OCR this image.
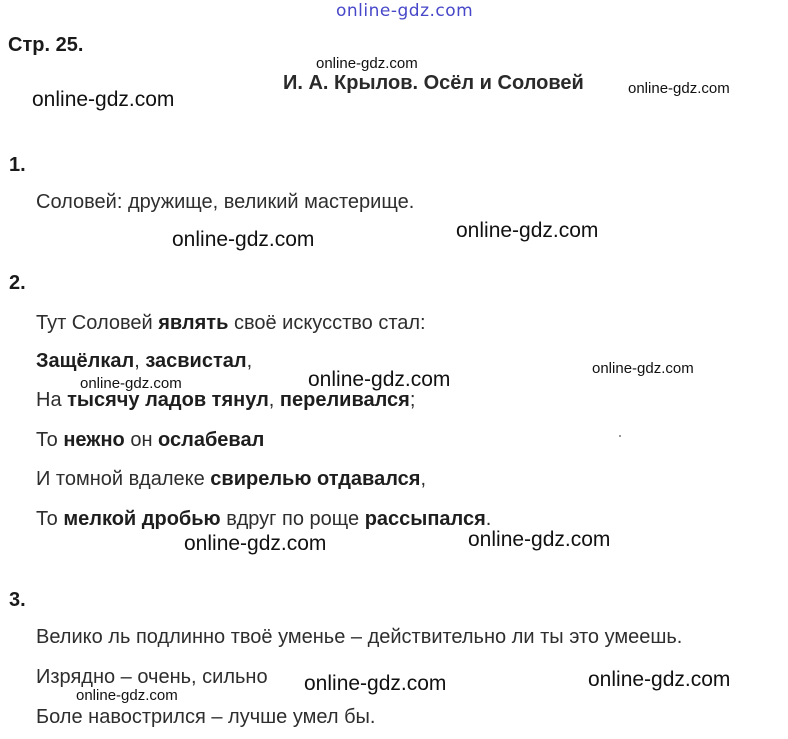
online-gdz.com
Стр. 25.
И. А. Крылов. Осёл и Соловей
1.
Соловей: дружище, великий мастерище.
2.
Тут Соловей являть своё искусство стал:
Защёлкал, засвистал,
На тысячу ладов тянул, переливался;
То нежно он ослабевал
И томной вдалеке свирелью отдавался,
То мелкой дробью вдруг по роще рассыпался.
3.
Велико ль подлинно твоё уменье – действительно ли ты это умеешь.
Изрядно – очень, сильно
Боле навострился – лучше умел бы.
online-gdz.com
online-gdz.com
online-gdz.com
online-gdz.com	online-gdz.com
online-gdz.com
online-gdz.com	online-gdz.com
online-gdz.com
online-gdz.com
online-gdz.com	online-gdz.com
online-gdz.com
